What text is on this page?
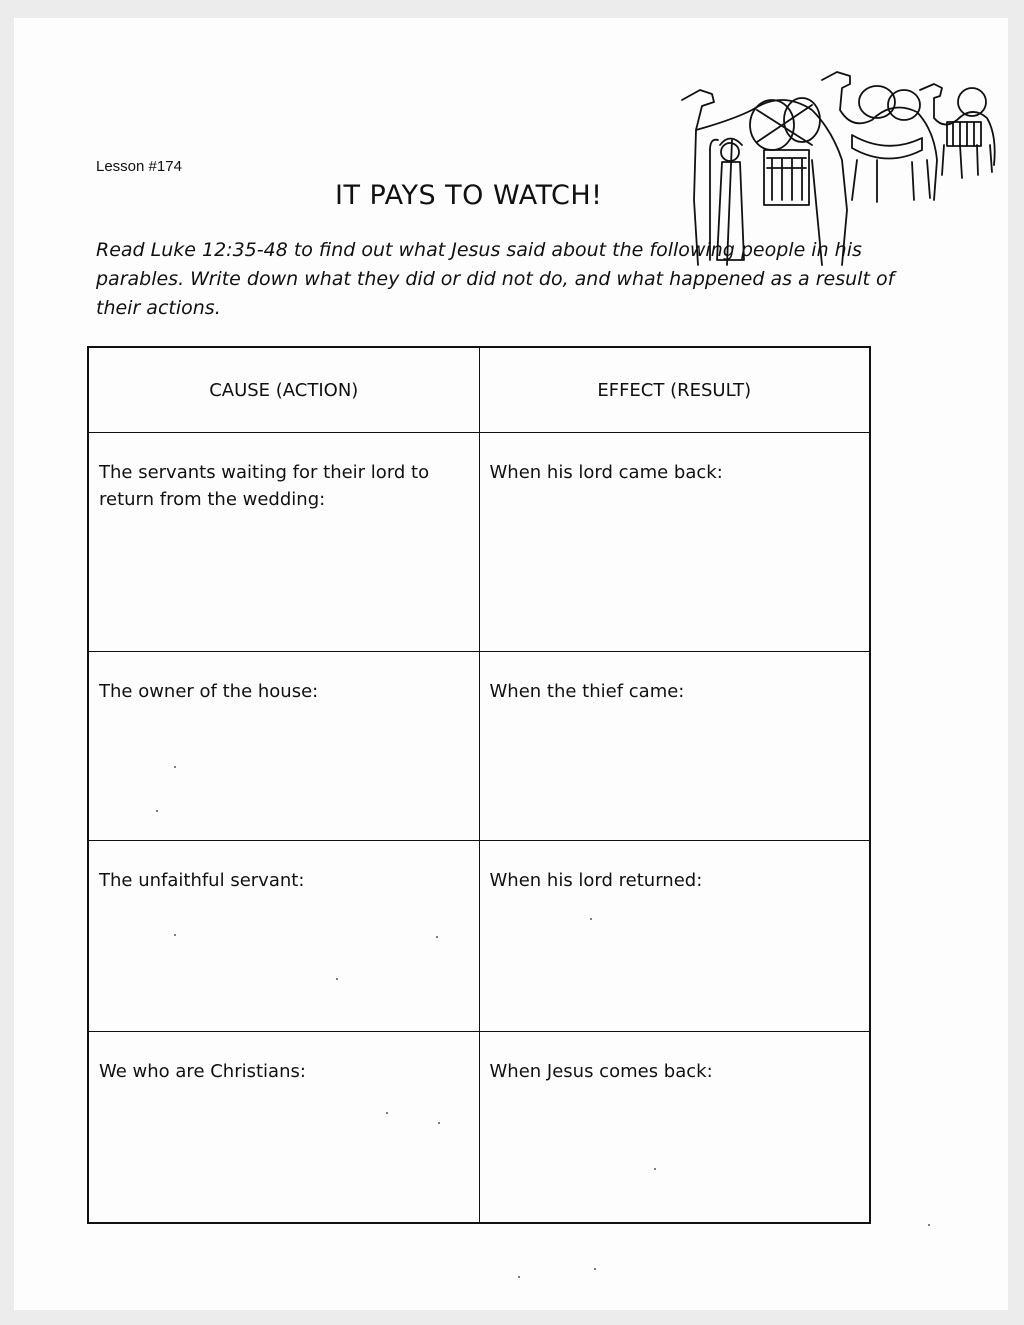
Lesson #174
IT PAYS TO WATCH!
Read Luke 12:35-48 to find out what Jesus said about the following people in his parables. Write down what they did or did not do, and what happened as a result of their actions.
CAUSE (ACTION)	EFFECT (RESULT)
The servants waiting for their lord to return from the wedding:	When his lord came back:
The owner of the house:	When the thief came:
The unfaithful servant:	When his lord returned:
We who are Christians:	When Jesus comes back:
